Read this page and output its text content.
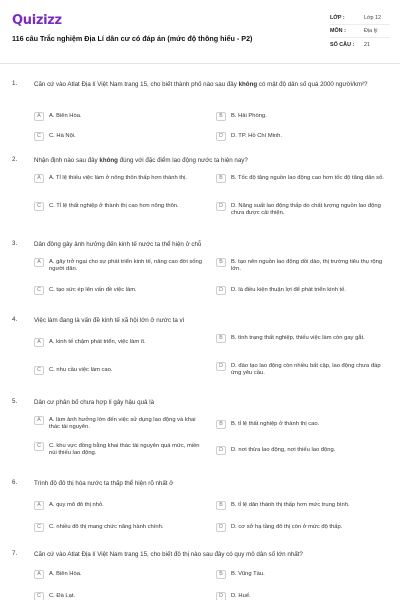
Quizizz
116 câu Trắc nghiệm Địa Lí dân cư có đáp án (mức độ thông hiểu - P2)
LỚP :	Lớp 12
MÔN :	Địa lý
SỐ CÂU :	21
1.	Căn cứ vào Atlat Địa lí Việt Nam trang 15, cho biết thành phố nào sau đây không có mật độ dân số quá 2000 người/km²?
A	A. Biên Hòa.	B	B. Hải Phòng.
C	C. Hà Nội.	D	D. TP. Hồ Chí Minh.
2.	Nhận định nào sau đây không đúng với đặc điểm lao động nước ta hiện nay?
A	A. Tỉ lệ thiếu việc làm ở nông thôn thấp hơn thành thị.	B	B. Tốc độ tăng nguồn lao động cao hơn tốc độ tăng dân số.
C	C. Tỉ lệ thất nghiệp ở thành thị cao hơn nông thôn.	D	D. Năng suất lao động thấp do chất lượng nguồn lao động chưa được cải thiện.
3.	Dân đông gây ảnh hưởng đến kinh tế nước ta thể hiện ở chỗ
A	A. gây trở ngại cho sự phát triển kinh tế, nâng cao đời sống người dân.
B	B. tạo nên nguồn lao động dồi dào, thị trường tiêu thụ rộng lớn.
C	C. tạo sức ép lên vấn đề việc làm.	D	D. là điều kiện thuận lợi để phát triển kinh tế.
4.	Việc làm đang là vấn đề kinh tế xã hội lớn ở nước ta vì
A	A. kinh tế chậm phát triển, việc làm ít.
B	B. tình trạng thất nghiệp, thiếu việc làm còn gay gắt.
C	C. nhu cầu việc làm cao.
D	D. đào tạo lao động còn nhiều bất cập, lao động chưa đáp ứng yêu cầu.
5.	Dân cư phân bố chưa hợp lí gây hậu quả là
A	A. làm ảnh hưởng lớn đến việc sử dụng lao động và khai thác tài nguyên.
B	B. tỉ lệ thất nghiệp ở thành thị cao.
C	C. khu vực đồng bằng khai thác tài nguyên quá mức, miền núi thiếu lao động.
D	D. nơi thừa lao động, nơi thiếu lao động.
6.	Trình độ đô thị hóa nước ta thấp thể hiện rõ nhất ở
A	A. quy mô đô thị nhỏ.	B	B. tỉ lệ dân thành thị thấp hơn mức trung bình.
C	C. nhiều đô thị mang chức năng hành chính.	D	D. cơ sở hạ tầng đô thị còn ở mức độ thấp.
7.	Căn cứ vào Atlat Địa lí Việt Nam trang 15, cho biết đô thị nào sau đây có quy mô dân số lớn nhất?
A	A. Biên Hòa.	B	B. Vũng Tàu.
C	C. Đà Lạt.	D	D. Huế.
